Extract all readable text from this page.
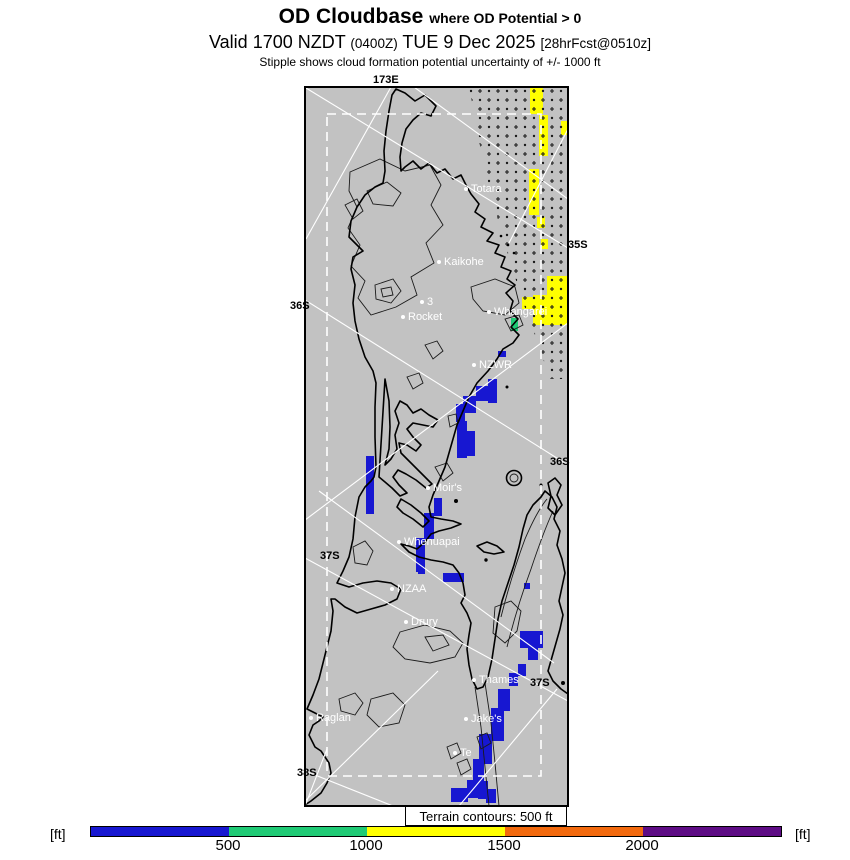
OD Cloudbase where OD Potential > 0
Valid 1700 NZDT (0400Z) TUE 9 Dec 2025 [28hrFcst@0510z]
Stipple shows cloud formation potential uncertainty of +/- 1000 ft
Totara
Kaikohe
3
Rocket	Whangarei
NZWR
Moir's
Whenuapai
NZAA
Drury
Thames
Raglan	Jake's
Te
Terrain contours: 500 ft
[ft]	[ft]
173E
35S
36S
36S
37S
37S
38S
500	1000	1500	2000
